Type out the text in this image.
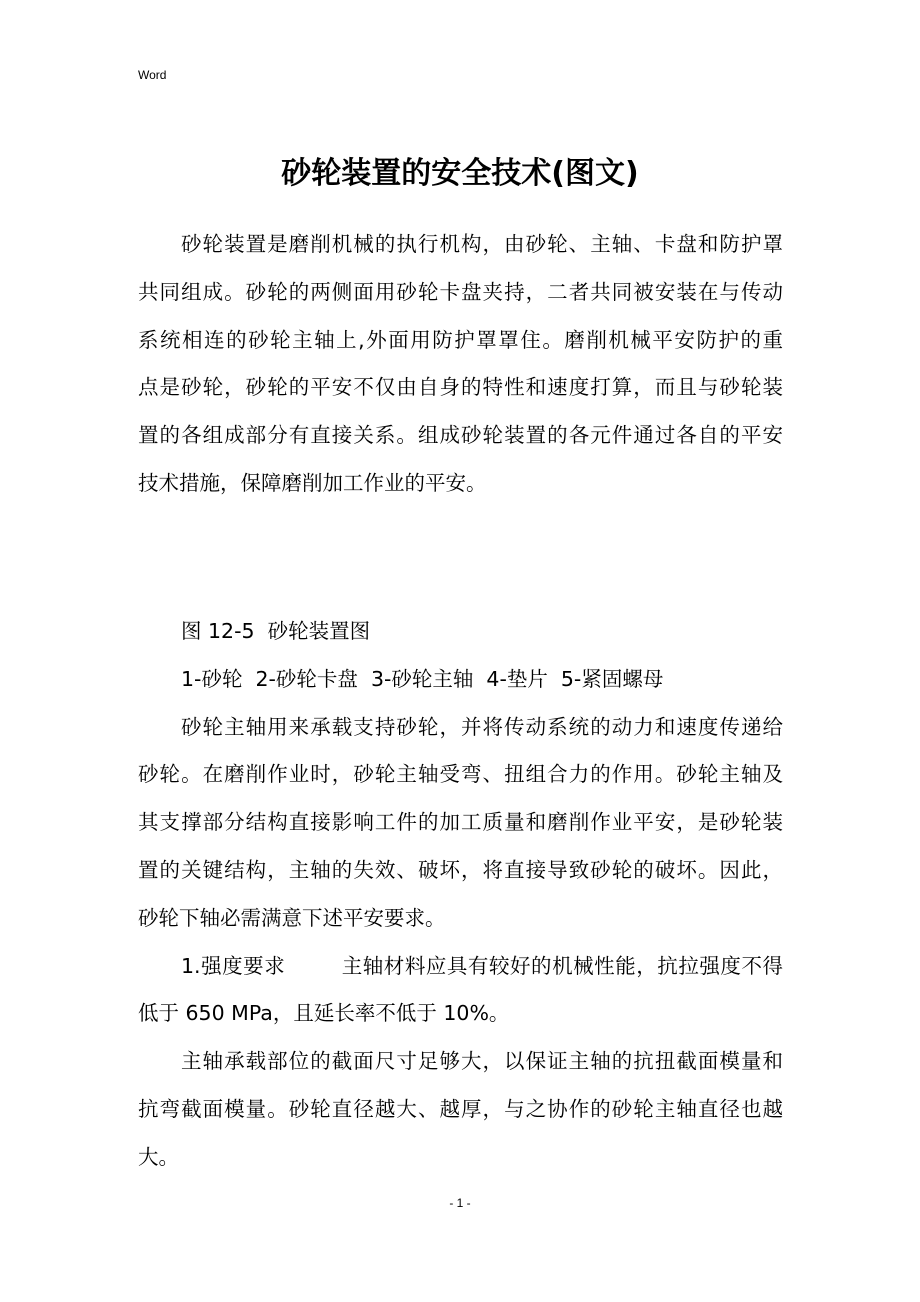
Word
砂轮装置的安全技术(图文)
砂轮装置是磨削机械的执行机构，由砂轮、主轴、卡盘和防护罩
共同组成。砂轮的两侧面用砂轮卡盘夹持，二者共同被安装在与传动
系统相连的砂轮主轴上,外面用防护罩罩住。磨削机械平安防护的重
点是砂轮，砂轮的平安不仅由自身的特性和速度打算，而且与砂轮装
置的各组成部分有直接关系。组成砂轮装置的各元件通过各自的平安
技术措施，保障磨削加工作业的平安。
图 12-5  砂轮装置图
1-砂轮  2-砂轮卡盘  3-砂轮主轴  4-垫片  5-紧固螺母
砂轮主轴用来承载支持砂轮，并将传动系统的动力和速度传递给
砂轮。在磨削作业时，砂轮主轴受弯、扭组合力的作用。砂轮主轴及
其支撑部分结构直接影响工件的加工质量和磨削作业平安，是砂轮装
置的关键结构，主轴的失效、破坏，将直接导致砂轮的破坏。因此，
砂轮下轴必需满意下述平安要求。
1.强度要求        主轴材料应具有较好的机械性能，抗拉强度不得
低于 650 MPa，且延长率不低于 10%。
主轴承载部位的截面尺寸足够大，以保证主轴的抗扭截面模量和
抗弯截面模量。砂轮直径越大、越厚，与之协作的砂轮主轴直径也越
大。
- 1 -
